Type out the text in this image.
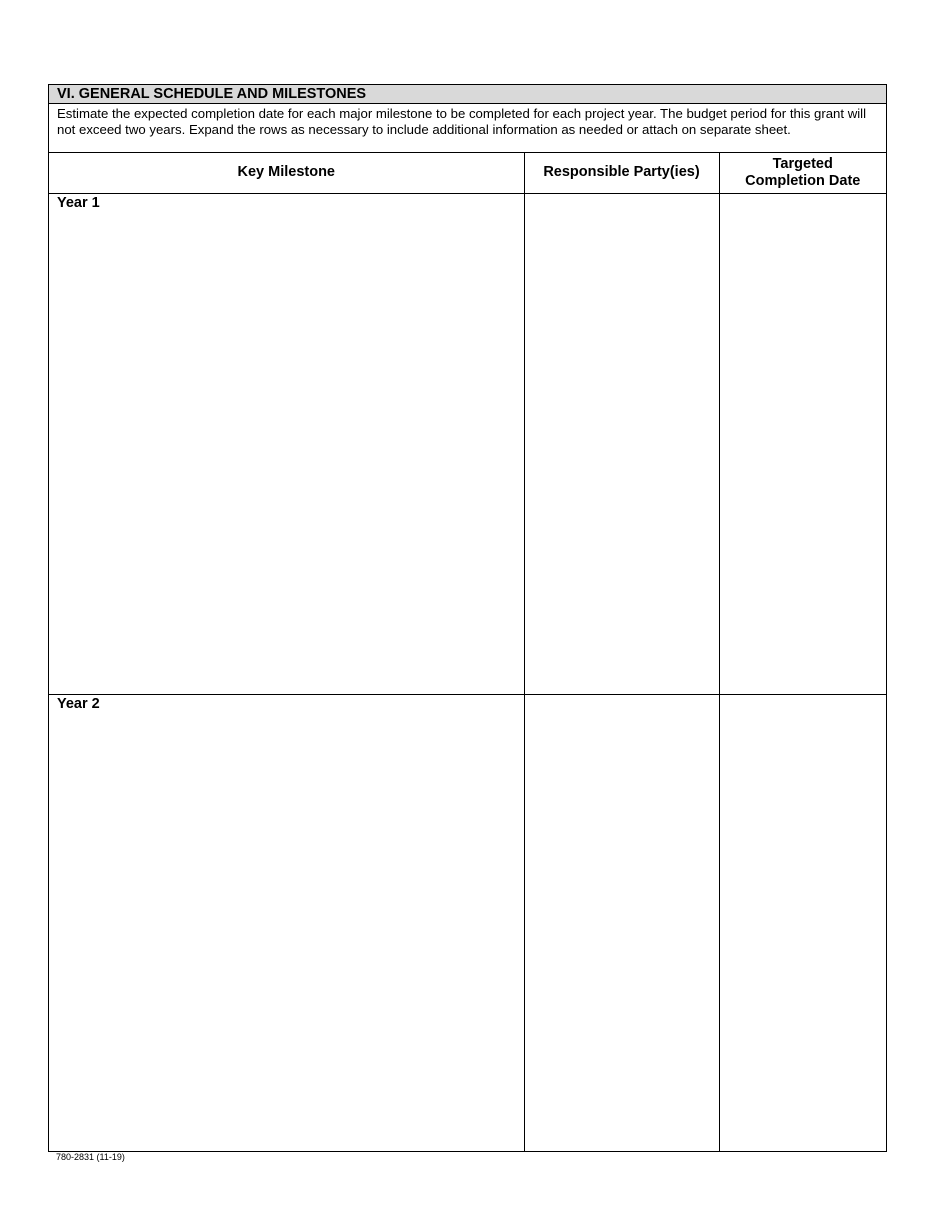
VI. GENERAL SCHEDULE AND MILESTONES
Estimate the expected completion date for each major milestone to be completed for each project year. The budget period for this grant will not exceed two years. Expand the rows as necessary to include additional information as needed or attach on separate sheet.
Key Milestone	Responsible Party(ies)	Targeted
Completion Date

Year 1		

Year 2		

780-2831 (11-19)
